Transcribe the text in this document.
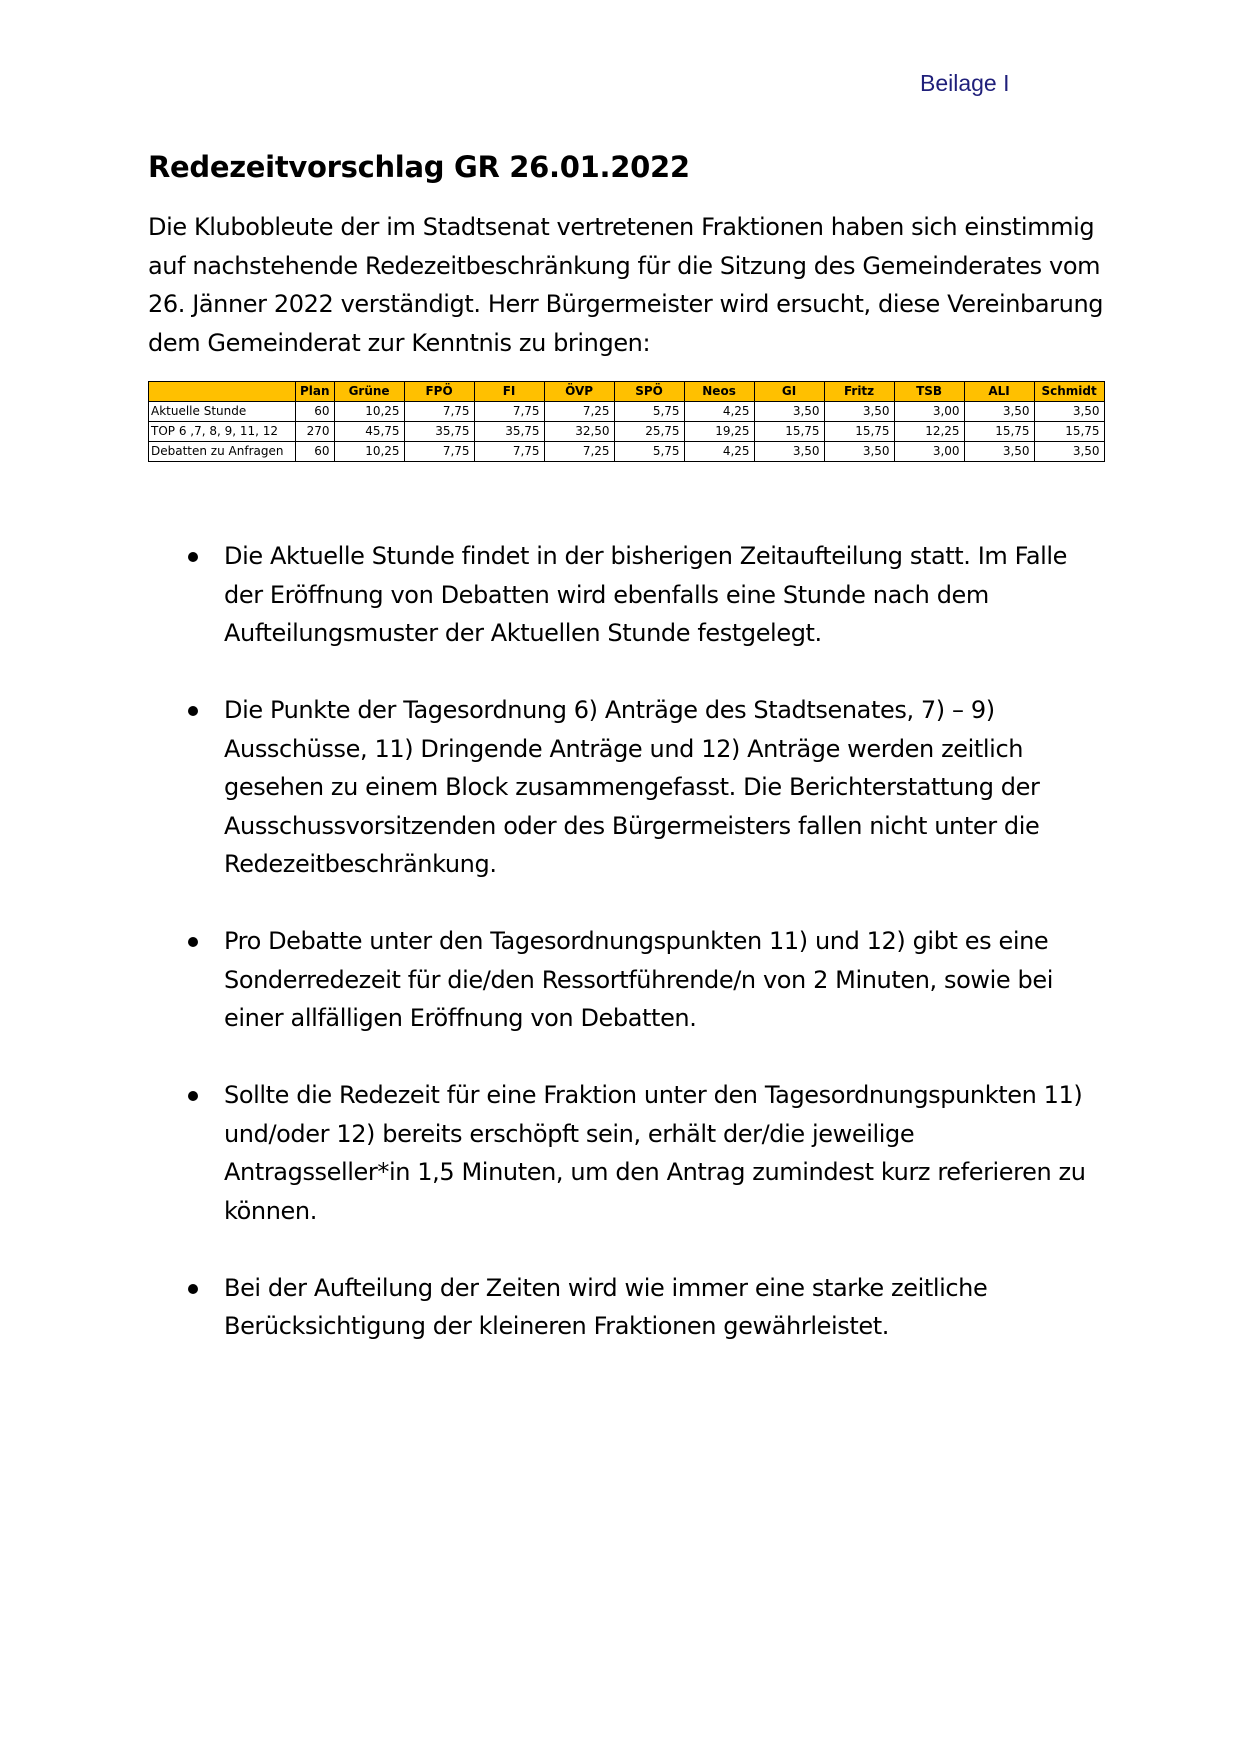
Beilage I
Redezeitvorschlag GR 26.01.2022
Die Klubobleute der im Stadtsenat vertretenen Fraktionen haben sich einstimmig auf nachstehende Redezeitbeschränkung für die Sitzung des Gemeinderates vom 26. Jänner 2022 verständigt. Herr Bürgermeister wird ersucht, diese Vereinbarung dem Gemeinderat zur Kenntnis zu bringen:
	Plan	Grüne	FPÖ	FI	ÖVP	SPÖ	Neos	GI	Fritz	TSB	ALI	Schmidt
Aktuelle Stunde	60	10,25	7,75	7,75	7,25	5,75	4,25	3,50	3,50	3,00	3,50	3,50
TOP 6 ,7, 8, 9, 11, 12	270	45,75	35,75	35,75	32,50	25,75	19,25	15,75	15,75	12,25	15,75	15,75
Debatten zu Anfragen	60	10,25	7,75	7,75	7,25	5,75	4,25	3,50	3,50	3,00	3,50	3,50
Die Aktuelle Stunde findet in der bisherigen Zeitaufteilung statt. Im Falle der Eröffnung von Debatten wird ebenfalls eine Stunde nach dem Aufteilungsmuster der Aktuellen Stunde festgelegt.
Die Punkte der Tagesordnung 6) Anträge des Stadtsenates, 7) – 9) Ausschüsse, 11) Dringende Anträge und 12) Anträge werden zeitlich gesehen zu einem Block zusammengefasst. Die Berichterstattung der Ausschussvorsitzenden oder des Bürgermeisters fallen nicht unter die Redezeitbeschränkung.
Pro Debatte unter den Tagesordnungspunkten 11) und 12) gibt es eine Sonderredezeit für die/den Ressortführende/n von 2 Minuten, sowie bei einer allfälligen Eröffnung von Debatten.
Sollte die Redezeit für eine Fraktion unter den Tagesordnungspunkten 11) und/oder 12) bereits erschöpft sein, erhält der/die jeweilige Antragsseller*in 1,5 Minuten, um den Antrag zumindest kurz referieren zu können.
Bei der Aufteilung der Zeiten wird wie immer eine starke zeitliche Berücksichtigung der kleineren Fraktionen gewährleistet.
